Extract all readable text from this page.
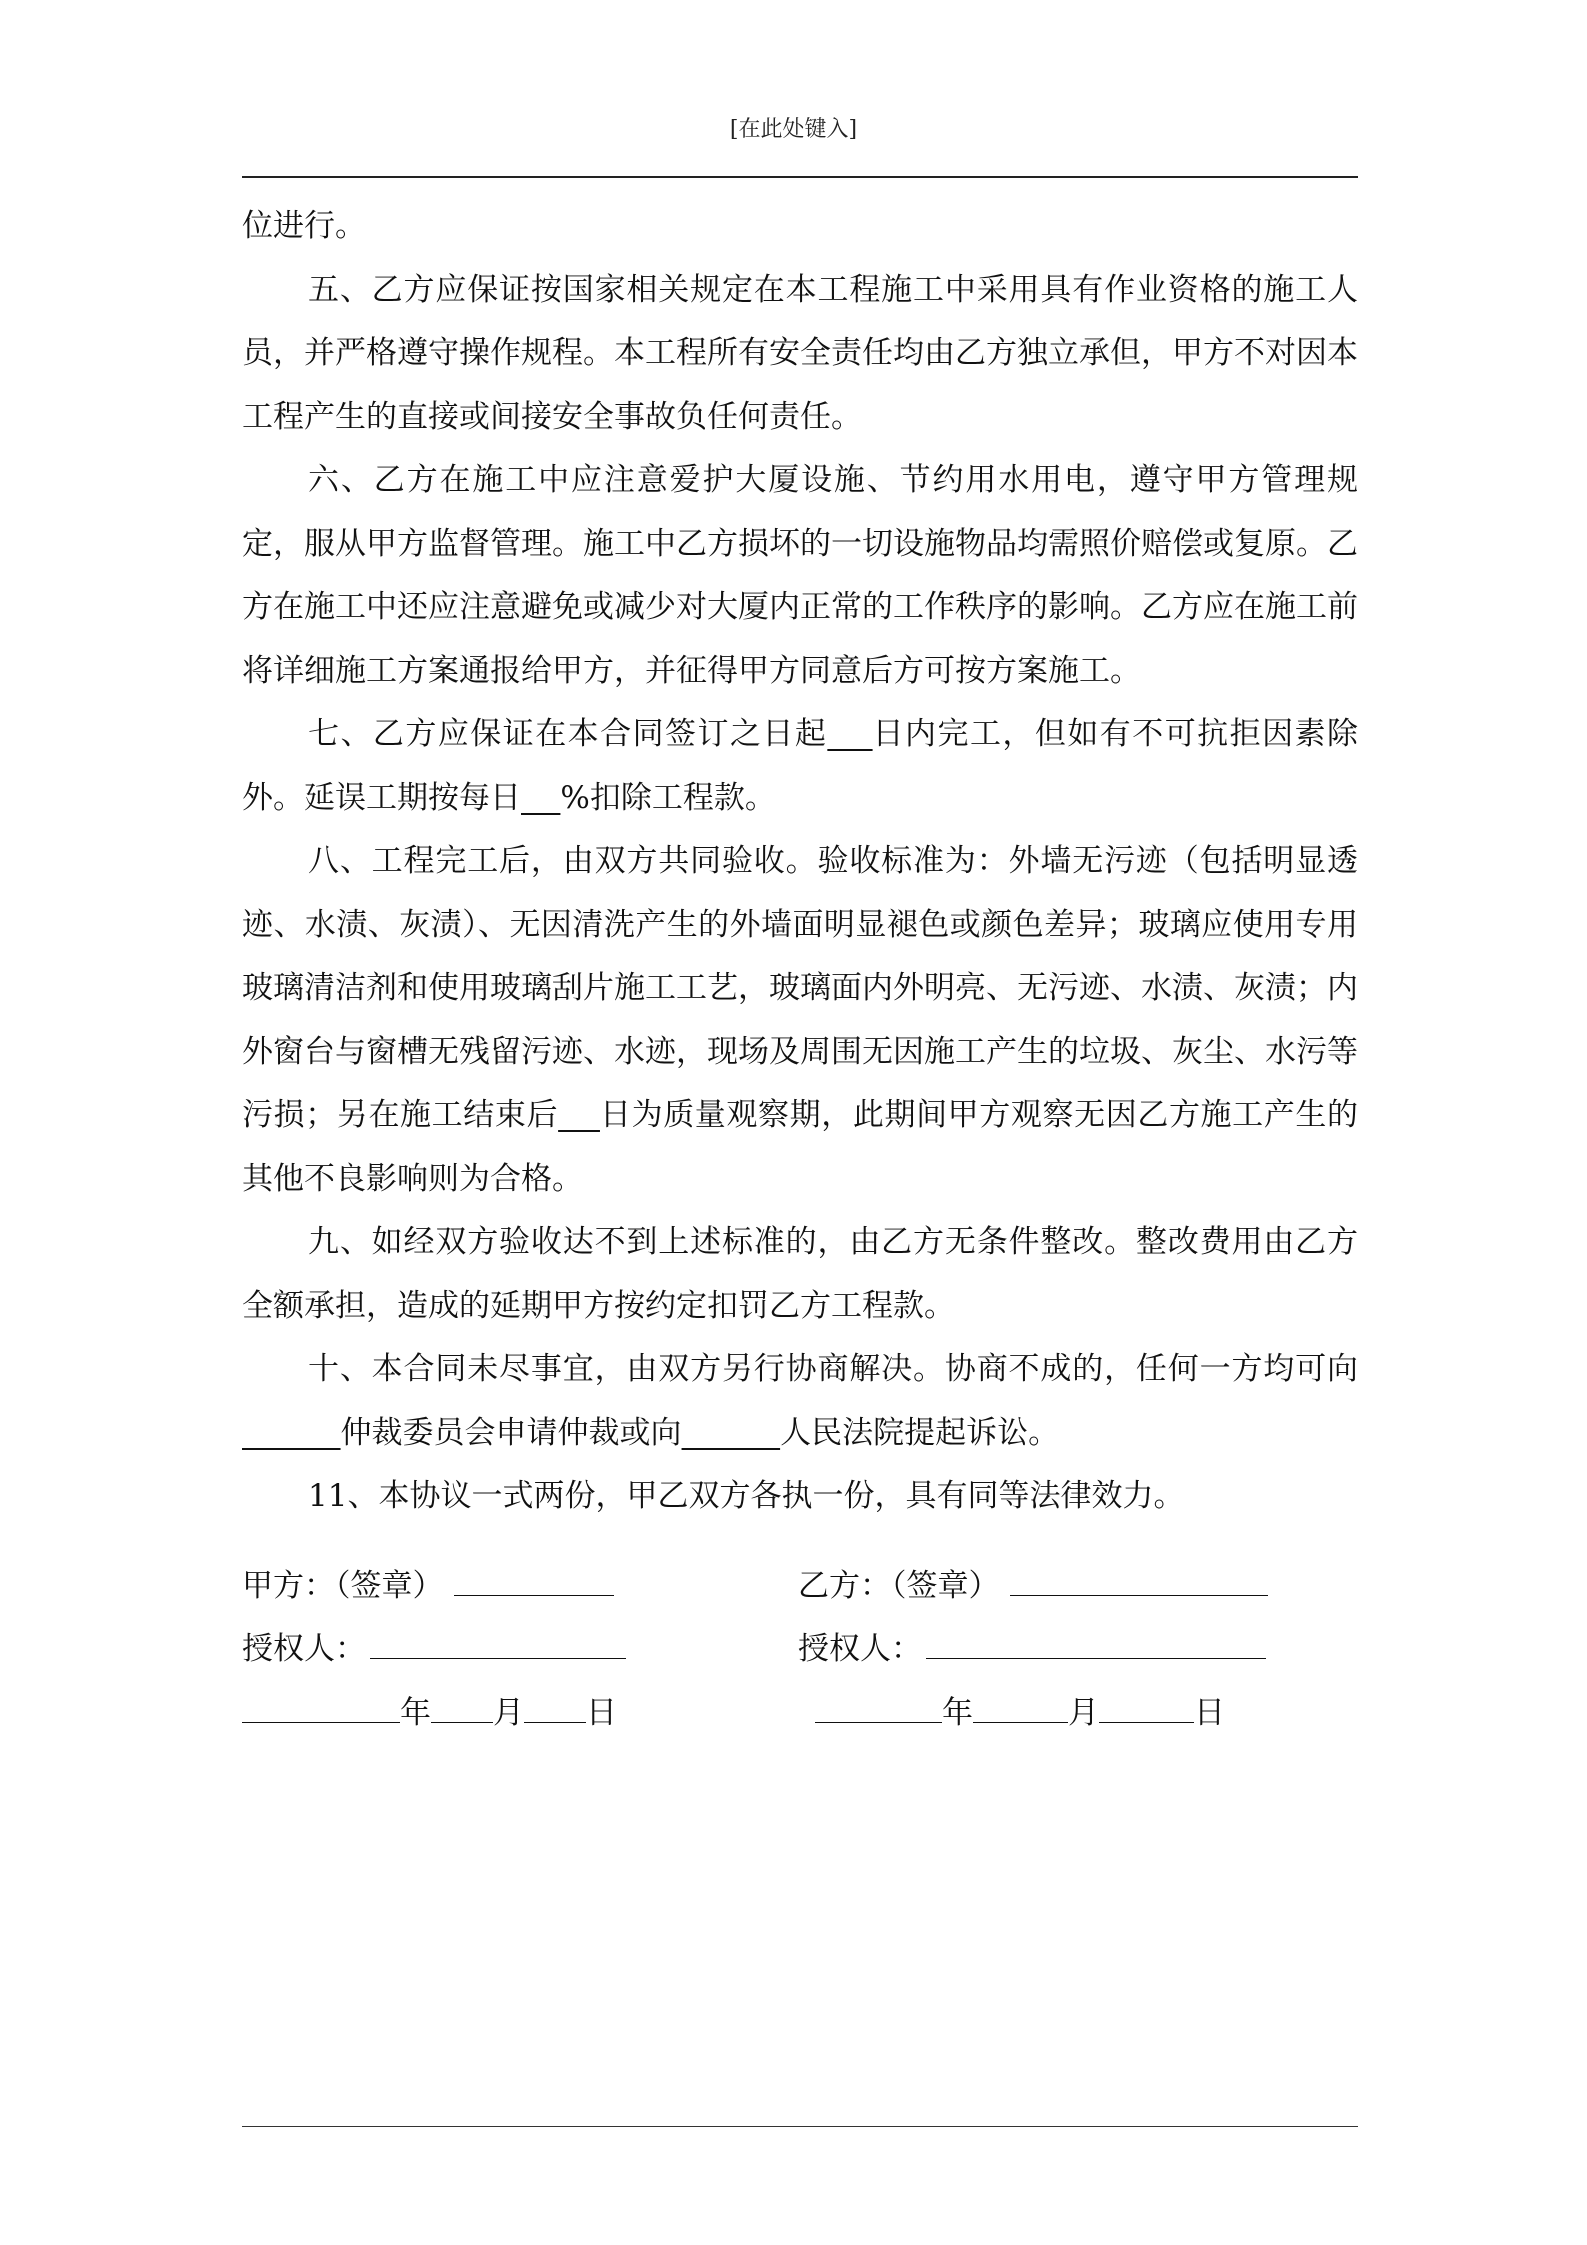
[在此处键入]

位进行。

五、乙方应保证按国家相关规定在本工程施工中采用具有作业资格的施工人员，并严格遵守操作规程。本工程所有安全责任均由乙方独立承但，甲方不对因本工程产生的直接或间接安全事故负任何责任。

六、乙方在施工中应注意爱护大厦设施、节约用水用电，遵守甲方管理规定，服从甲方监督管理。施工中乙方损坏的一切设施物品均需照价赔偿或复原。乙方在施工中还应注意避免或减少对大厦内正常的工作秩序的影响。乙方应在施工前将详细施工方案通报给甲方，并征得甲方同意后方可按方案施工。

七、乙方应保证在本合同签订之日起 日内完工，但如有不可抗拒因素除外。延误工期按每日 %扣除工程款。

八、工程完工后，由双方共同验收。验收标准为：外墙无污迹（包括明显透迹、水渍、灰渍）、无因清洗产生的外墙面明显褪色或颜色差异；玻璃应使用专用玻璃清洁剂和使用玻璃刮片施工工艺，玻璃面内外明亮、无污迹、水渍、灰渍；内外窗台与窗槽无残留污迹、水迹，现场及周围无因施工产生的垃圾、灰尘、水污等污损；另在施工结束后 日为质量观察期，此期间甲方观察无因乙方施工产生的其他不良影响则为合格。

九、如经双方验收达不到上述标准的，由乙方无条件整改。整改费用由乙方全额承担，造成的延期甲方按约定扣罚乙方工程款。

十、本合同未尽事宜，由双方另行协商解决。协商不成的，任何一方均可向          仲裁委员会申请仲裁或向	人民法院提起诉讼。

11、本协议一式两份，甲乙双方各执一份，具有同等法律效力。

甲方：（签章）	乙方：（签章）
授权人：	授权人：
年 月 日	年	月	日
